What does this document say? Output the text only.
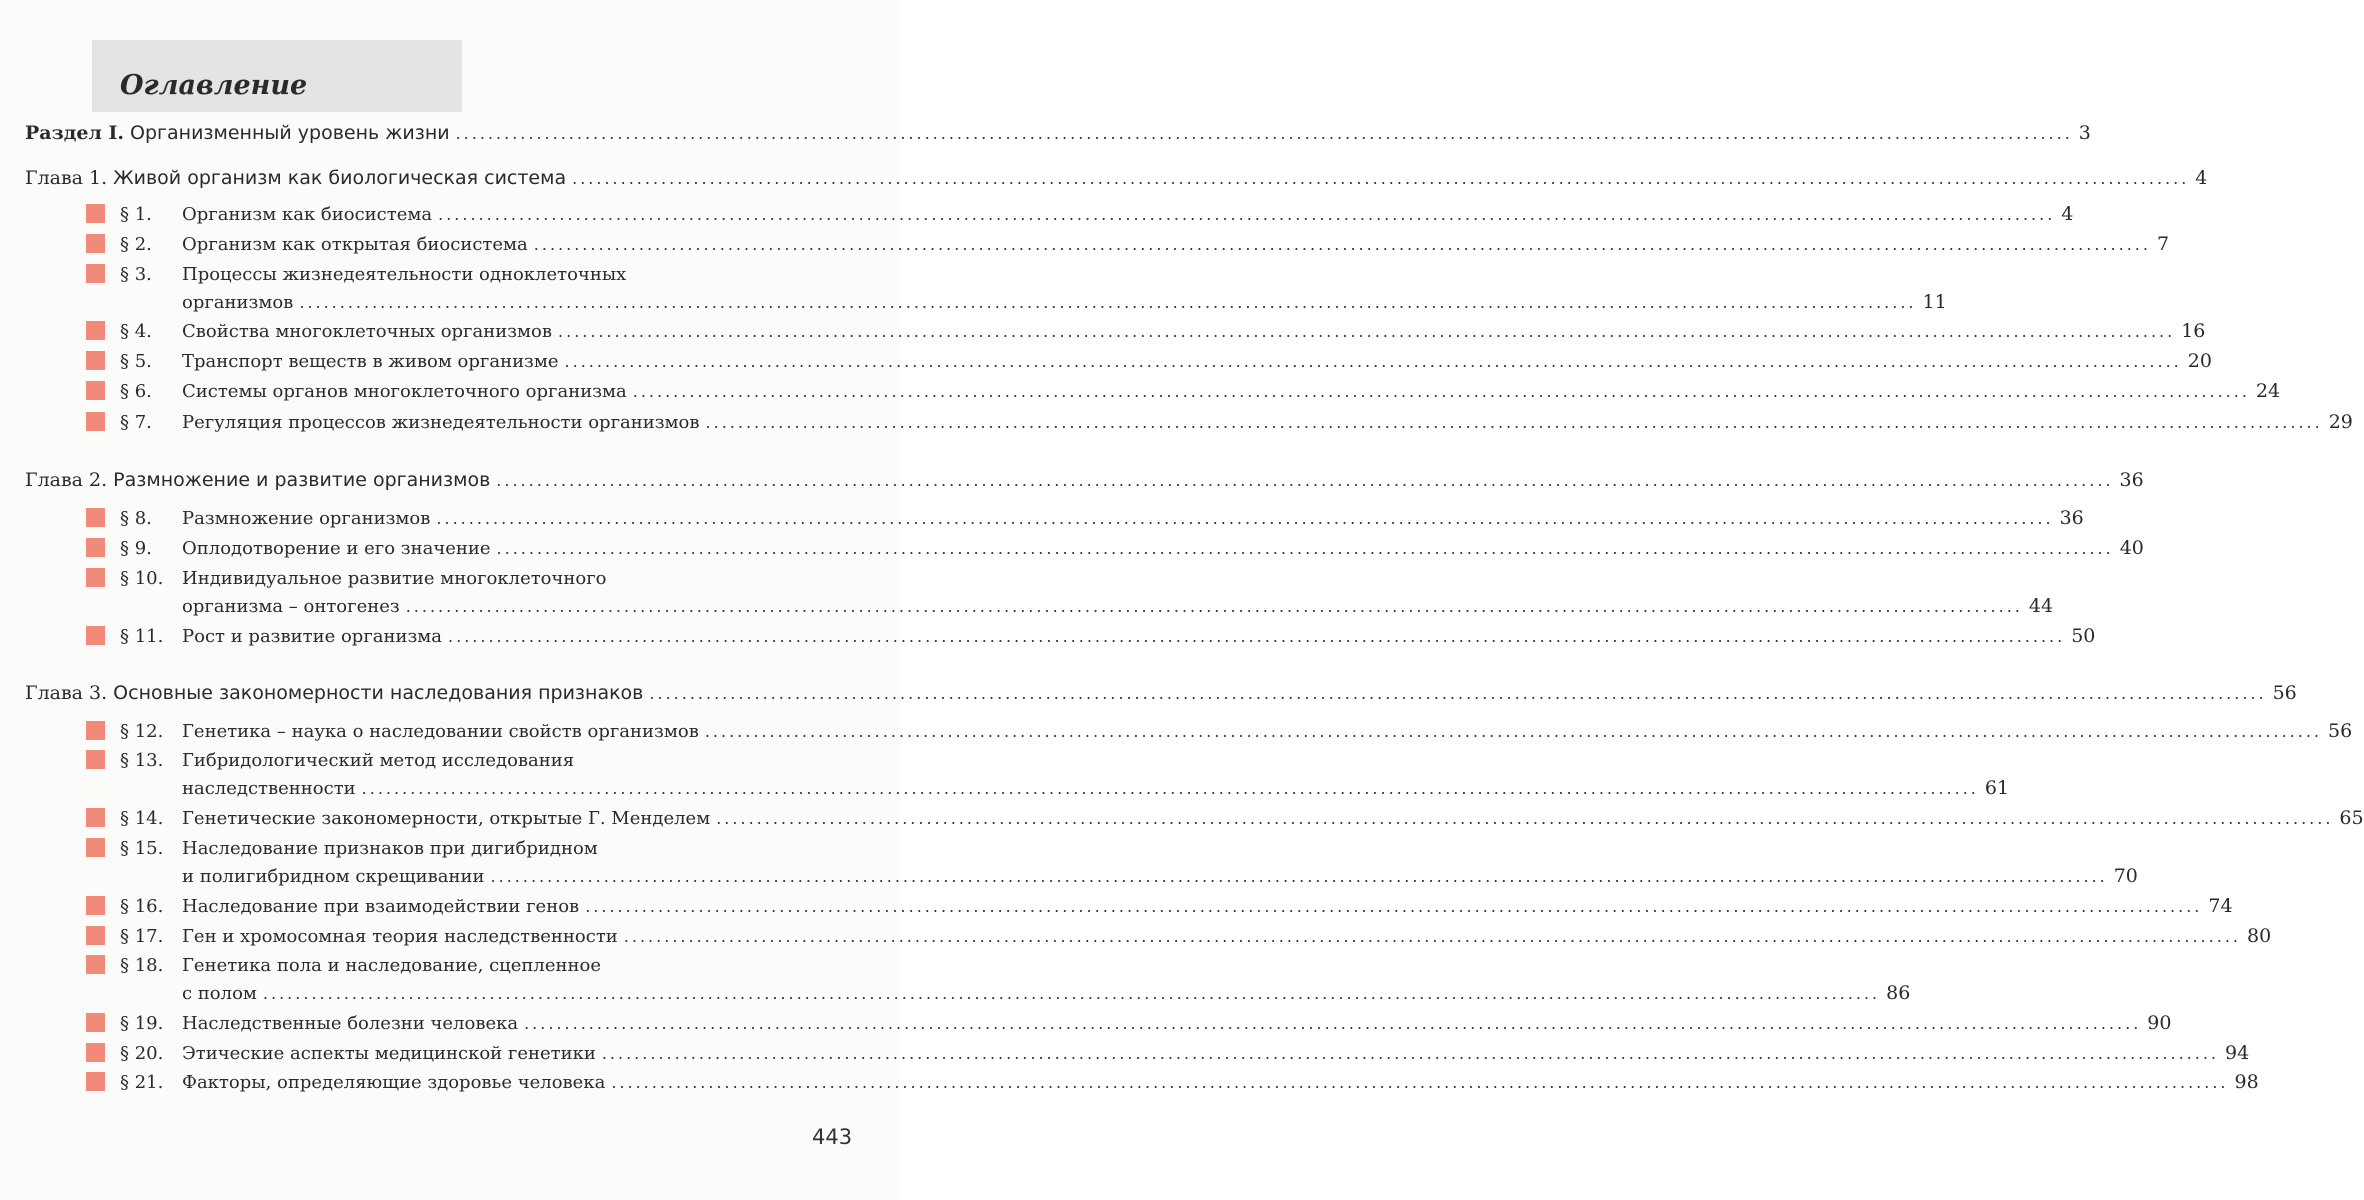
Оглавление
Раздел I. Организменный уровень жизни ........................................................................................................................................................................................................ 3
Глава 1. Живой организм как биологическая система ........................................................................................................................................................................................................ 4
§ 1.	Организм как биосистема ........................................................................................................................................................................................................ 4
§ 2.	Организм как открытая биосистема ........................................................................................................................................................................................................ 7
§ 3.	Процессы жизнедеятельности одноклеточных
организмов ........................................................................................................................................................................................................ 11
§ 4.	Свойства многоклеточных организмов ........................................................................................................................................................................................................ 16
§ 5.	Транспорт веществ в живом организме ........................................................................................................................................................................................................ 20
§ 6.	Системы органов многоклеточного организма ........................................................................................................................................................................................................ 24
§ 7.	Регуляция процессов жизнедеятельности организмов ........................................................................................................................................................................................................ 29
Глава 2. Размножение и развитие организмов ........................................................................................................................................................................................................ 36
§ 8.	Размножение организмов ........................................................................................................................................................................................................ 36
§ 9.	Оплодотворение и его значение ........................................................................................................................................................................................................ 40
§ 10.	Индивидуальное развитие многоклеточного
организма – онтогенез ........................................................................................................................................................................................................ 44
§ 11.	Рост и развитие организма ........................................................................................................................................................................................................ 50
Глава 3. Основные закономерности наследования признаков ........................................................................................................................................................................................................ 56
§ 12.	Генетика – наука о наследовании свойств организмов ........................................................................................................................................................................................................ 56
§ 13.	Гибридологический метод исследования
наследственности ........................................................................................................................................................................................................ 61
§ 14.	Генетические закономерности, открытые Г. Менделем ........................................................................................................................................................................................................ 65
§ 15.	Наследование признаков при дигибридном
и полигибридном скрещивании ........................................................................................................................................................................................................ 70
§ 16.	Наследование при взаимодействии генов ........................................................................................................................................................................................................ 74
§ 17.	Ген и хромосомная теория наследственности ........................................................................................................................................................................................................ 80
§ 18.	Генетика пола и наследование, сцепленное
с полом ........................................................................................................................................................................................................ 86
§ 19.	Наследственные болезни человека ........................................................................................................................................................................................................ 90
§ 20.	Этические аспекты медицинской генетики ........................................................................................................................................................................................................ 94
§ 21.	Факторы, определяющие здоровье человека ........................................................................................................................................................................................................ 98
443
